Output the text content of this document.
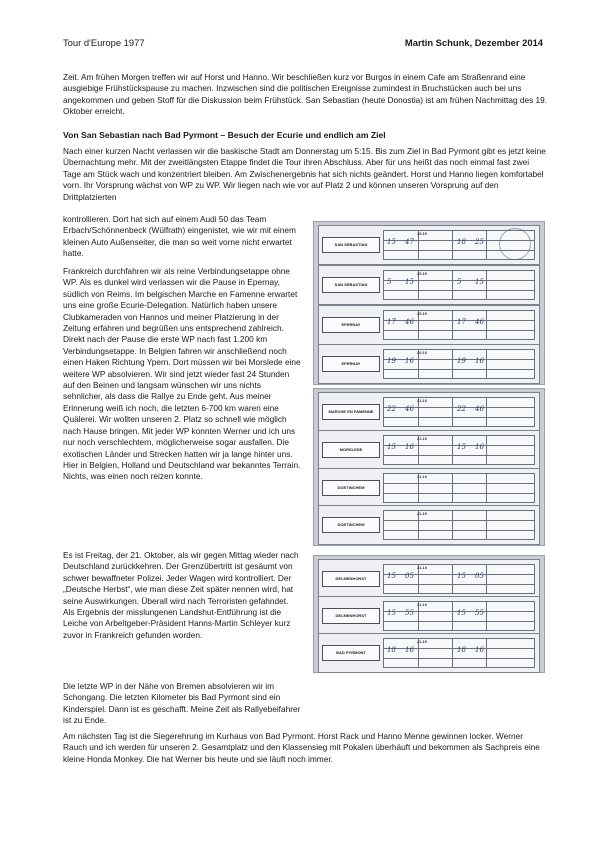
Tour d'Europe 1977	Martin Schunk, Dezember 2014

Zeit. Am frühen Morgen treffen wir auf Horst und Hanno. Wir beschließen kurz vor Burgos in einem Cafe am Straßenrand eine ausgiebige Frühstückspause zu machen. Inzwischen sind die politischen Ereignisse zumindest in Bruchstücken auch bei uns angekommen und geben Stoff für die Diskussion beim Frühstück. San Sebastian (heute Donostia) ist am frühen Nachmittag des 19. Oktober erreicht.

Von San Sebastian nach Bad Pyrmont – Besuch der Ecurie und endlich am Ziel

Nach einer kurzen Nacht verlassen wir die baskische Stadt am Donnerstag um 5:15. Bis zum Ziel in Bad Pyrmont gibt es jetzt keine Übernachtung mehr. Mit der zweitlängsten Etappe findet die Tour ihren Abschluss. Aber für uns heißt das noch einmal fast zwei Tage am Stück wach und konzentriert bleiben. Am Zwischenergebnis hat sich nichts geändert. Horst und Hanno liegen komfortabel vorn. Ihr Vorsprung wächst von WP zu WP. Wir liegen nach wie vor auf Platz 2 und können unseren Vorsprung auf den Drittplatzierten

kontrollieren. Dort hat sich auf einem Audi 50 das Team Erbach/Schönnenbeck (Wülfrath) eingenistet, wie wir mit einem kleinen Auto Außenseiter, die man so weit vorne nicht erwartet hatte.

Frankreich durchfahren wir als reine Verbindungsetappe ohne WP. Als es dunkel wird verlassen wir die Pause in Epernay, südlich von Reims. Im belgischen Marche en Famenne erwartet uns eine große Ecurie-Delegation. Natürlich haben unsere Clubkameraden von Hannos und meiner Platzierung in der Zeitung erfahren und begrüßen uns entsprechend zahlreich. Direkt nach der Pause die erste WP nach fast 1.200 km Verbindungsetappe. In Belgien fahren wir anschließend noch einen Haken Richtung Ypern. Dort müssen wir bei Morslede eine weitere WP absolvieren. Wir sind jetzt wieder fast 24 Stunden auf den Beinen und langsam wünschen wir uns nichts sehnlicher, als dass die Rallye zu Ende geht. Aus meiner Erinnerung weiß ich noch, die letzten 6-700 km waren eine Quälerei. Wir wollten unseren 2. Platz so schnell wie möglich nach Hause bringen. Mit jeder WP konnten Werner und ich uns nur noch verschlechtern, möglicherweise sogar ausfallen. Die exotischen Länder und Strecken hatten wir ja lange hinter uns. Hier in Belgien, Holland und Deutschland war bekanntes Terrain. Nichts, was einen noch reizen konnte.

Es ist Freitag, der 21. Oktober, als wir gegen Mittag wieder nach Deutschland zurückkehren. Der Grenzübertritt ist gesäumt von schwer bewaffneter Polizei. Jeder Wagen wird kontrolliert. Der „Deutsche Herbst“, wie man diese Zeit später nennen wird, hat seine Auswirkungen. Überall wird nach Terroristen gefahndet. Als Ergebnis der misslungenen Landshut-Entführung ist die Leiche von Arbeitgeber-Präsident Hanns-Martin Schleyer kurz zuvor in Frankreich gefunden worden.

Die letzte WP in der Nähe von Bremen absolvieren wir im Schongang. Die letzten Kilometer bis Bad Pyrmont sind ein Kinderspiel. Dann ist es geschafft. Meine Zeit als Rallyebeifahrer ist zu Ende.

Am nächsten Tag ist die Siegerehrung im Kurhaus von Bad Pyrmont. Horst Rack und Hanno Menne gewinnen locker. Werner Rauch und ich werden für unseren 2. Gesamtplatz und den Klassensieg mit Pokalen überhäuft und bekommen als Sachpreis eine kleine Honda Monkey. Die hat Werner bis heute und sie läuft noch immer.

SAN SEBASTIAN
19.10
15 47	18 25
SAN SEBASTIAN
20.10
5 15	5 15
EPERNAY
20.10
17 46	17 46
EPERNAY
20.10
19 16	19 16
MARCHE EN FAMENNE
21.10
22 46	22 46
MORSLEDE
21.10
15 16	15 16
DOETINCHEM
21.10
DOETINCHEM
21.10
DELMENHORST
21.10
15 05	15 05
DELMENHORST
21.10
15 55	15 55
BAD PYRMONT
21.10
18 16	18 16
